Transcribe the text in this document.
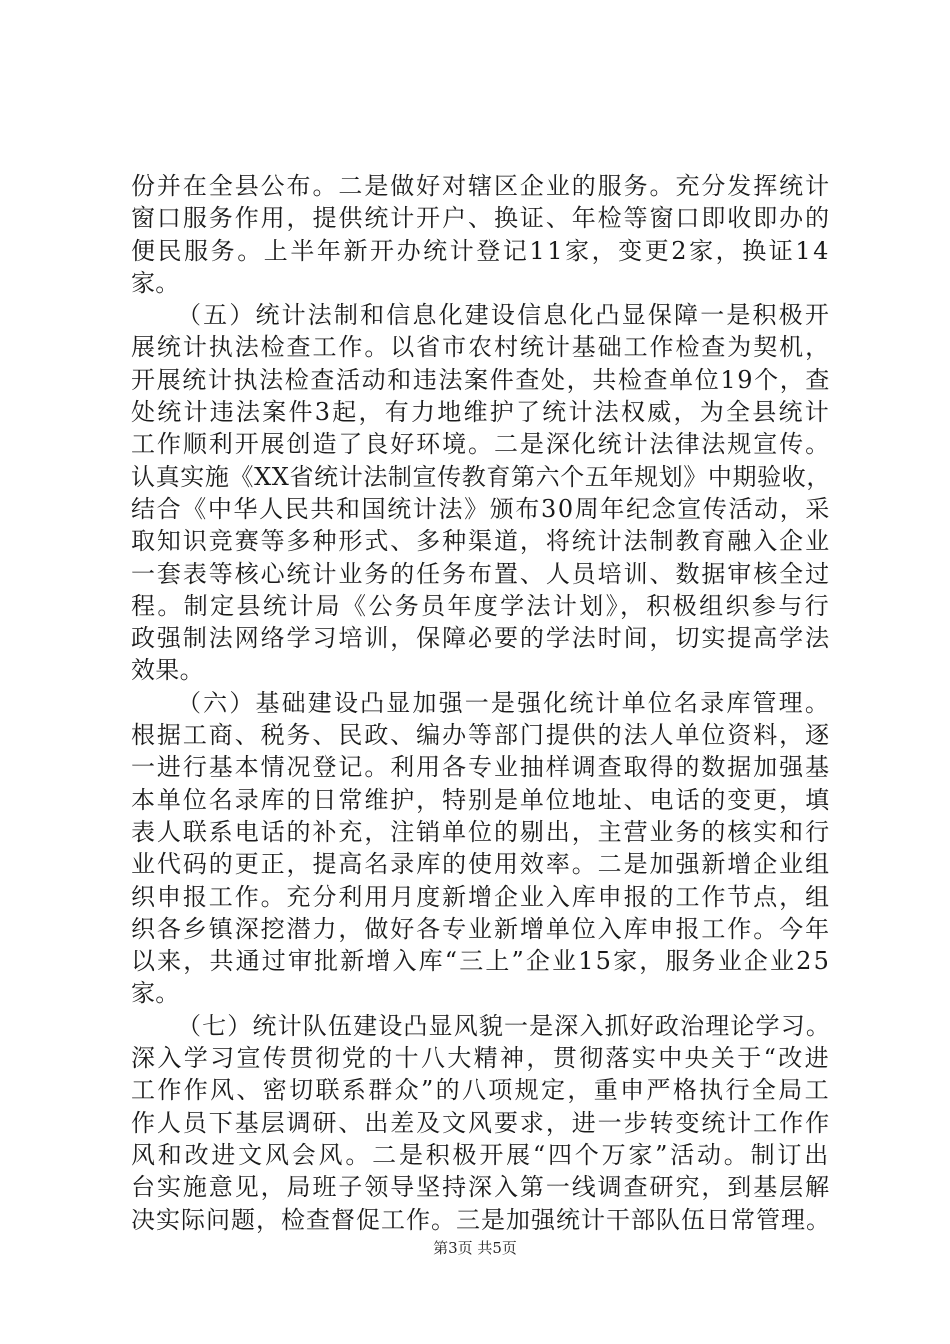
份并在全县公布。二是做好对辖区企业的服务。充分发挥统计
窗口服务作用，提供统计开户、换证、年检等窗口即收即办的
便民服务。上半年新开办统计登记11家，变更2家，换证14
家。
（五）统计法制和信息化建设信息化凸显保障一是积极开
展统计执法检查工作。以省市农村统计基础工作检查为契机，
开展统计执法检查活动和违法案件查处，共检查单位19个，查
处统计违法案件3起，有力地维护了统计法权威，为全县统计
工作顺利开展创造了良好环境。二是深化统计法律法规宣传。
认真实施《XX省统计法制宣传教育第六个五年规划》中期验收，
结合《中华人民共和国统计法》颁布30周年纪念宣传活动，采
取知识竞赛等多种形式、多种渠道，将统计法制教育融入企业
一套表等核心统计业务的任务布置、人员培训、数据审核全过
程。制定县统计局《公务员年度学法计划》，积极组织参与行
政强制法网络学习培训，保障必要的学法时间，切实提高学法
效果。
（六）基础建设凸显加强一是强化统计单位名录库管理。
根据工商、税务、民政、编办等部门提供的法人单位资料，逐
一进行基本情况登记。利用各专业抽样调查取得的数据加强基
本单位名录库的日常维护，特别是单位地址、电话的变更，填
表人联系电话的补充，注销单位的剔出，主营业务的核实和行
业代码的更正，提高名录库的使用效率。二是加强新增企业组
织申报工作。充分利用月度新增企业入库申报的工作节点，组
织各乡镇深挖潜力，做好各专业新增单位入库申报工作。今年
以来，共通过审批新增入库“三上”企业15家，服务业企业25
家。
（七）统计队伍建设凸显风貌一是深入抓好政治理论学习。
深入学习宣传贯彻党的十八大精神，贯彻落实中央关于“改进
工作作风、密切联系群众”的八项规定，重申严格执行全局工
作人员下基层调研、出差及文风要求，进一步转变统计工作作
风和改进文风会风。二是积极开展“四个万家”活动。制订出
台实施意见，局班子领导坚持深入第一线调查研究，到基层解
决实际问题，检查督促工作。三是加强统计干部队伍日常管理。
第3页 共5页
